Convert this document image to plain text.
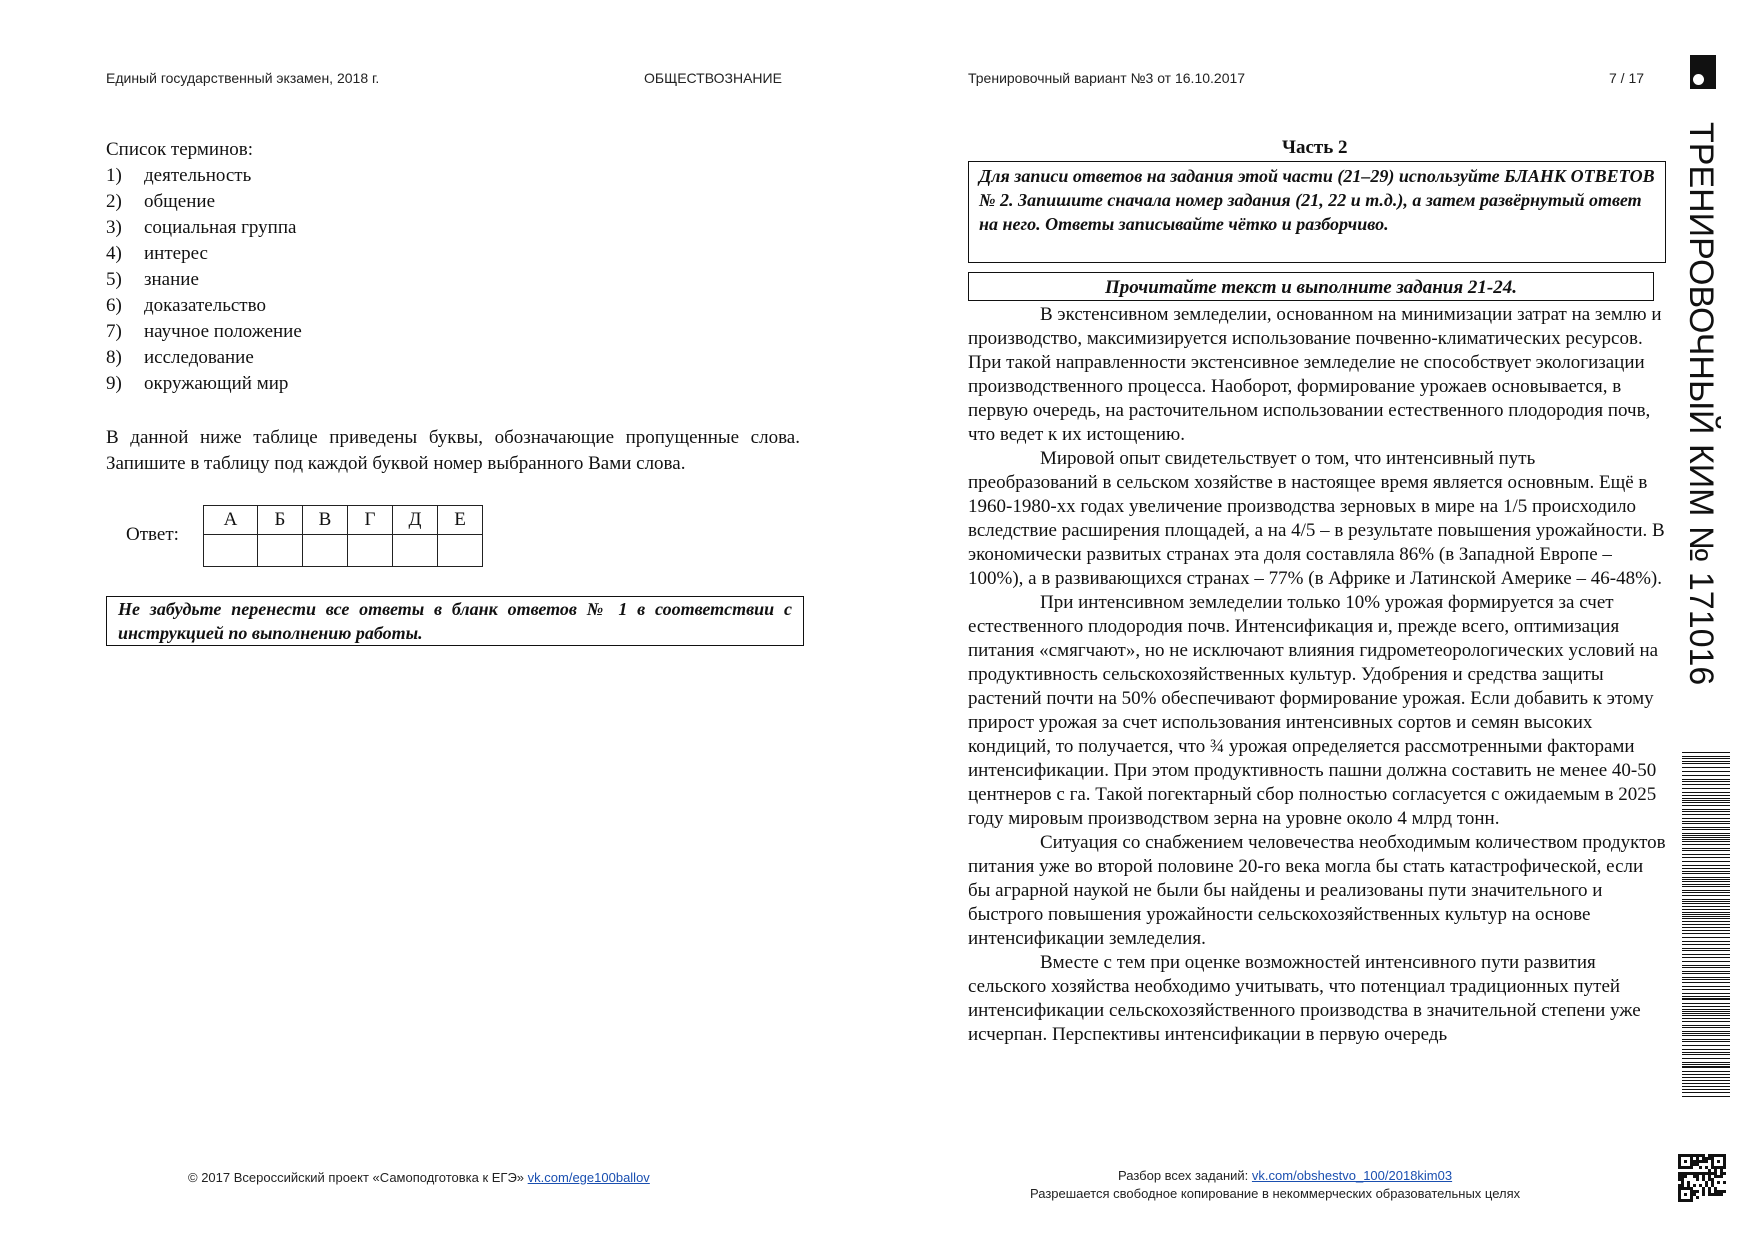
Единый государственный экзамен, 2018 г.	ОБЩЕСТВОЗНАНИЕ	Тренировочный вариант №3 от 16.10.2017	7 / 17
Список терминов:
1)	деятельность
2)	общение
3)	социальная группа
4)	интерес
5)	знание
6)	доказательство
7)	научное положение
8)	исследование
9)	окружающий мир
В данной ниже таблице приведены буквы, обозначающие пропущенные слова. Запишите в таблицу под каждой буквой номер выбранного Вами слова.
Ответ:
А	Б	В	Г	Д	Е

Не забудьте перенести все ответы в бланк ответов № 1 в соответствии с инструкцией по выполнению работы.
Часть 2
Для записи ответов на задания этой части (21–29) используйте БЛАНК ОТВЕТОВ № 2. Запишите сначала номер задания (21, 22 и т.д.), а затем развёрнутый ответ на него. Ответы записывайте чётко и разборчиво.
Прочитайте текст и выполните задания 21-24.

В экстенсивном земледелии, основанном на минимизации затрат на землю и производство, максимизируется использование почвенно-климатических ресурсов. При такой направленности экстенсивное земледелие не способствует экологизации производственного процесса. Наоборот, формирование урожаев основывается, в первую очередь, на расточительном использовании естественного плодородия почв, что ведет к их истощению.

Мировой опыт свидетельствует о том, что интенсивный путь преобразований в сельском хозяйстве в настоящее время является основным. Ещё в 1960-1980-хх годах увеличение производства зерновых в мире на 1/5 происходило вследствие расширения площадей, а на 4/5 – в результате повышения урожайности. В экономически развитых странах эта доля составляла 86% (в Западной Европе – 100%), а в развивающихся странах – 77% (в Африке и Латинской Америке – 46-48%).

При интенсивном земледелии только 10% урожая формируется за счет естественного плодородия почв. Интенсификация и, прежде всего, оптимизация питания «смягчают», но не исключают влияния гидрометеорологических условий на продуктивность сельскохозяйственных культур. Удобрения и средства защиты растений почти на 50% обеспечивают формирование урожая. Если добавить к этому прирост урожая за счет использования интенсивных сортов и семян высоких кондиций, то получается, что ¾ урожая определяется рассмотренными факторами интенсификации. При этом продуктивность пашни должна составить не менее 40-50 центнеров с га. Такой погектарный сбор полностью согласуется с ожидаемым в 2025 году мировым производством зерна на уровне около 4 млрд тонн.

Ситуация со снабжением человечества необходимым количеством продуктов питания уже во второй половине 20-го века могла бы стать катастрофической, если бы аграрной наукой не были бы найдены и реализованы пути значительного и быстрого повышения урожайности сельскохозяйственных культур на основе интенсификации земледелия.

Вместе с тем при оценке возможностей интенсивного пути развития сельского хозяйства необходимо учитывать, что потенциал традиционных путей интенсификации сельскохозяйственного производства в значительной степени уже исчерпан. Перспективы интенсификации в первую очередь

© 2017 Всероссийский проект «Самоподготовка к ЕГЭ» vk.com/ege100ballov	Разбор всех заданий: vk.com/obshestvo_100/2018kim03
Разрешается свободное копирование в некоммерческих образовательных целях
ТРЕНИРОВОЧНЫЙ КИМ № 171016
